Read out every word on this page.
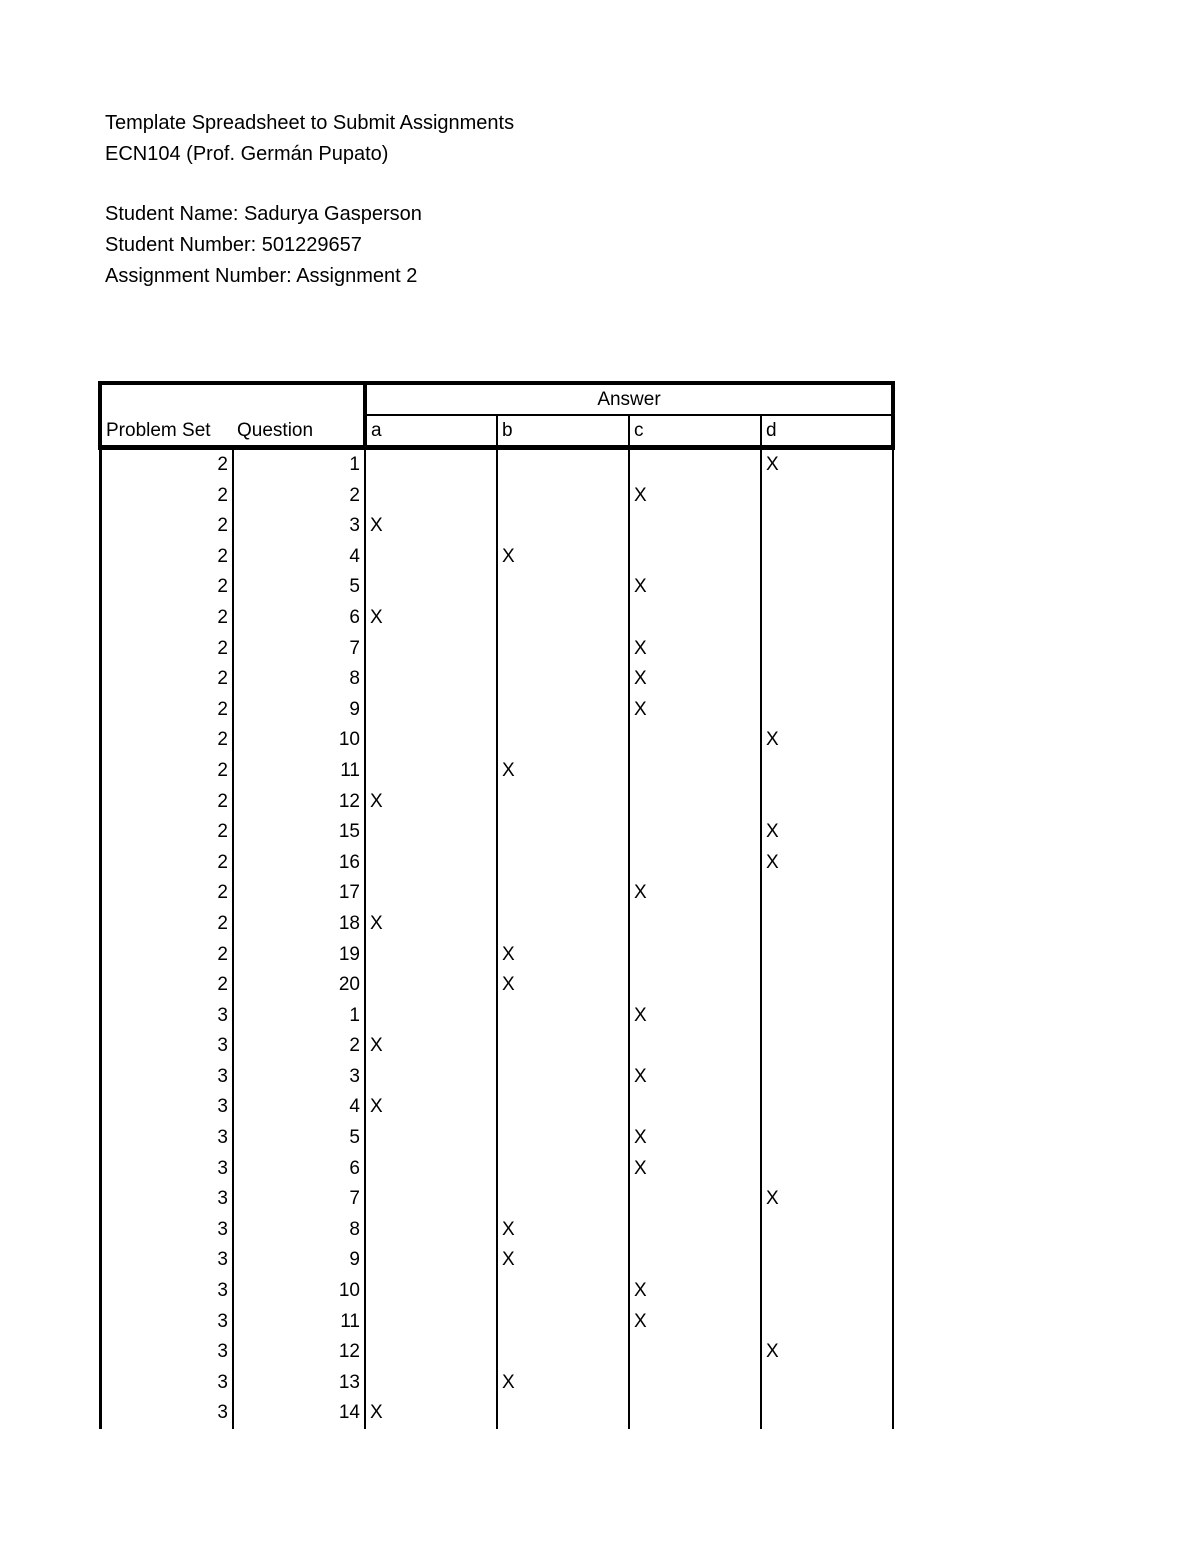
Template Spreadsheet to Submit Assignments
ECN104 (Prof. Germán Pupato)
Student Name: Sadurya Gasperson
Student Number: 501229657
Assignment Number: Assignment 2
		Answer			
Problem Set	Question	a	b	c	d
2	1				X
2	2			X	
2	3	X			
2	4		X		
2	5			X	
2	6	X			
2	7			X	
2	8			X	
2	9			X	
2	10				X
2	11		X		
2	12	X			
2	15				X
2	16				X
2	17			X	
2	18	X			
2	19		X		
2	20		X		
3	1			X	
3	2	X			
3	3			X	
3	4	X			
3	5			X	
3	6			X	
3	7				X
3	8		X		
3	9		X		
3	10			X	
3	11			X	
3	12				X
3	13		X		
3	14	X			
